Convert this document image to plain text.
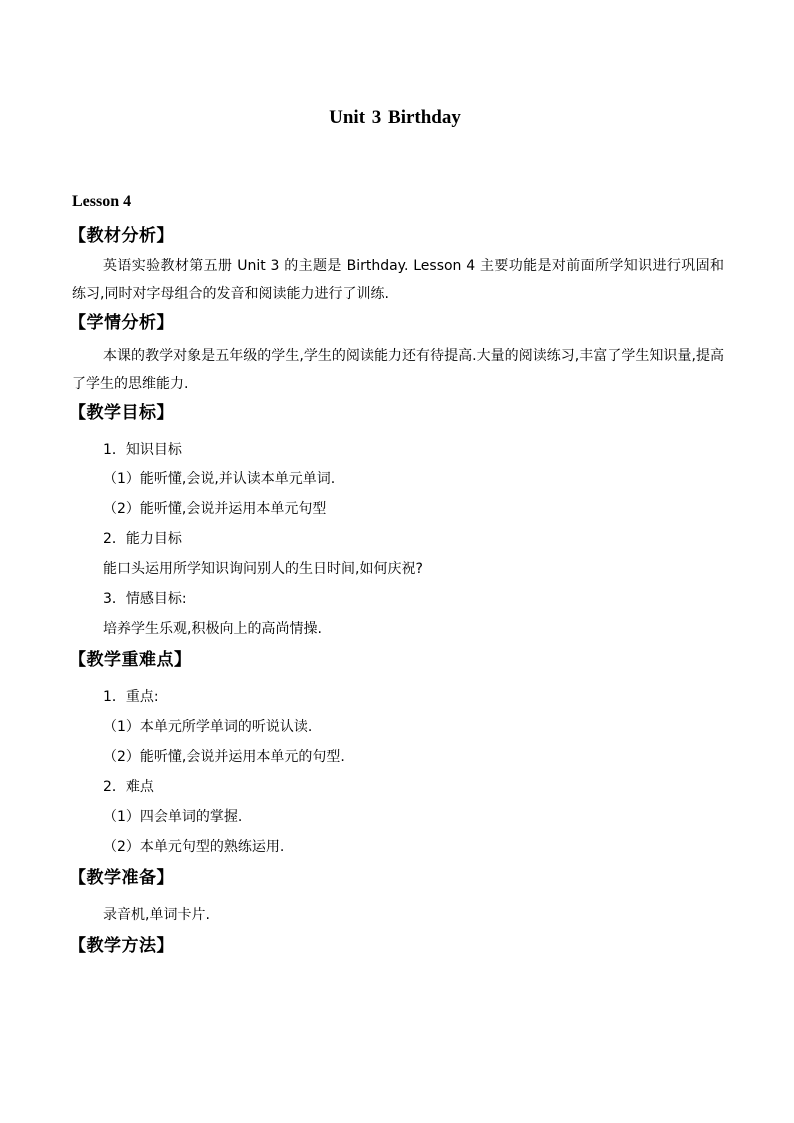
Unit 3 Birthday
Lesson 4
【教材分析】
英语实验教材第五册 Unit 3 的主题是 Birthday. Lesson 4 主要功能是对前面所学知识进行巩固和练习,同时对字母组合的发音和阅读能力进行了训练.
【学情分析】
本课的教学对象是五年级的学生,学生的阅读能力还有待提高.大量的阅读练习,丰富了学生知识量,提高了学生的思维能力.
【教学目标】
1．知识目标
（1）能听懂,会说,并认读本单元单词.
（2）能听懂,会说并运用本单元句型
2．能力目标
能口头运用所学知识询问别人的生日时间,如何庆祝?
3．情感目标:
培养学生乐观,积极向上的高尚情操.
【教学重难点】
1．重点:
（1）本单元所学单词的听说认读.
（2）能听懂,会说并运用本单元的句型.
2．难点
（1）四会单词的掌握.
（2）本单元句型的熟练运用.
【教学准备】
录音机,单词卡片.
【教学方法】
